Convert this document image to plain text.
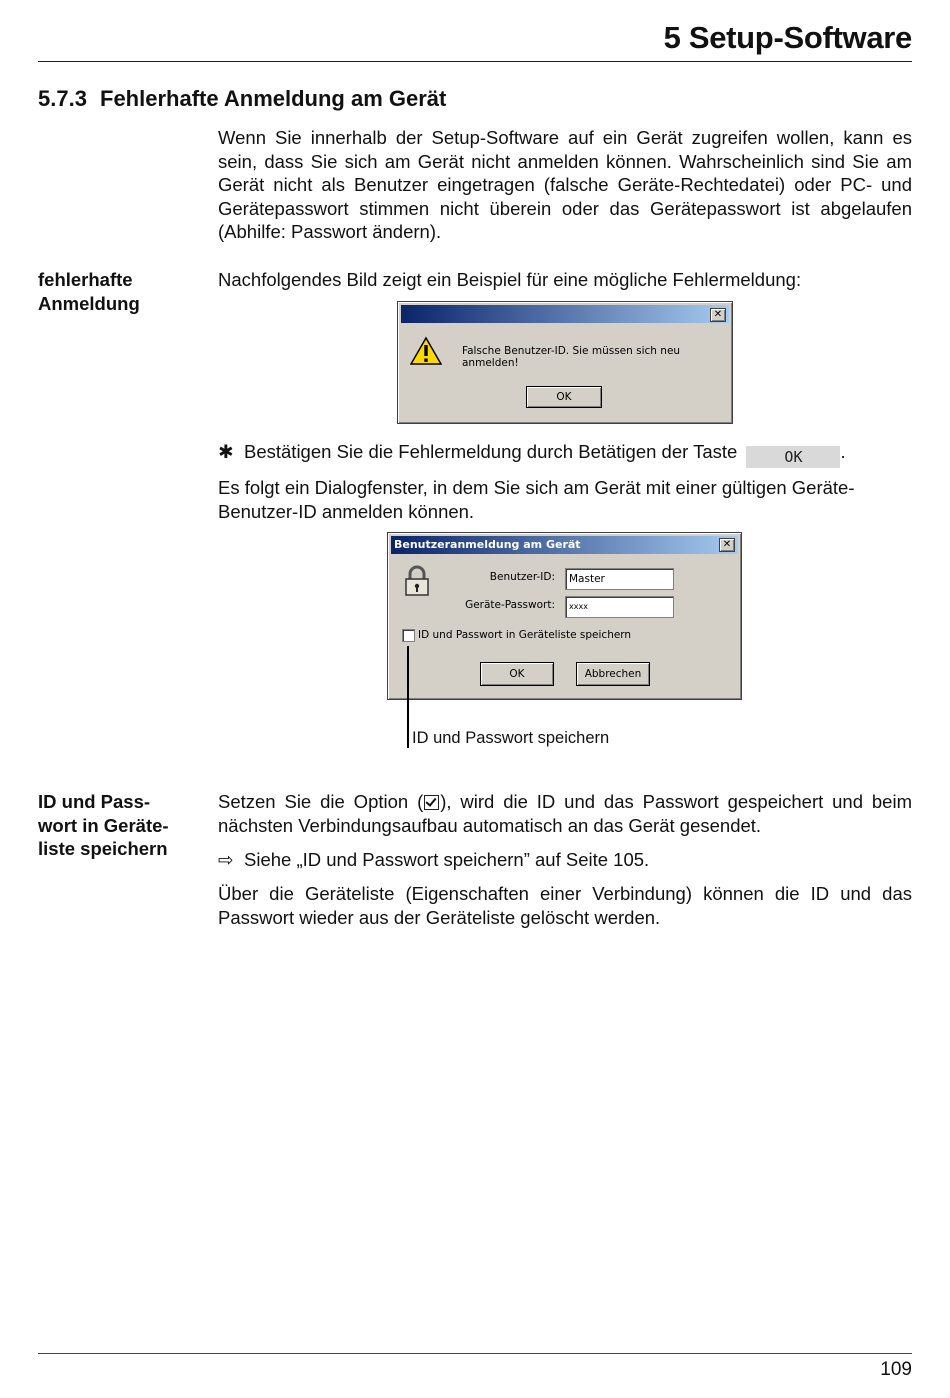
5 Setup-Software
5.7.3 Fehlerhafte Anmeldung am Gerät
Wenn Sie innerhalb der Setup-Software auf ein Gerät zugreifen wollen, kann es sein, dass Sie sich am Gerät nicht anmelden können. Wahrscheinlich sind Sie am Gerät nicht als Benutzer eingetragen (falsche Geräte-Rechtedatei) oder PC- und Gerätepasswort stimmen nicht überein oder das Gerätepasswort ist abgelaufen (Abhilfe: Passwort ändern).
fehlerhafte
Anmeldung
Nachfolgendes Bild zeigt ein Beispiel für eine mögliche Fehlermeldung:
✕
Falsche Benutzer-ID. Sie müssen sich neu anmelden!
OK
✱ Bestätigen Sie die Fehlermeldung durch Betätigen der Taste	OK .
Es folgt ein Dialogfenster, in dem Sie sich am Gerät mit einer gültigen Geräte-Benutzer-ID anmelden können.
Benutzeranmeldung am Gerät	✕
Benutzer-ID:	Master
Geräte-Passwort:	xxxx
ID und Passwort in Geräteliste speichern
OK	Abbrechen
ID und Passwort speichern
ID und Pass-
wort in Geräte-
liste speichern
Setzen Sie die Option ( ), wird die ID und das Passwort gespeichert und beim nächsten Verbindungsaufbau automatisch an das Gerät gesendet.
⇨ Siehe „ID und Passwort speichern” auf Seite 105.
Über die Geräteliste (Eigenschaften einer Verbindung) können die ID und das Passwort wieder aus der Geräteliste gelöscht werden.
109
